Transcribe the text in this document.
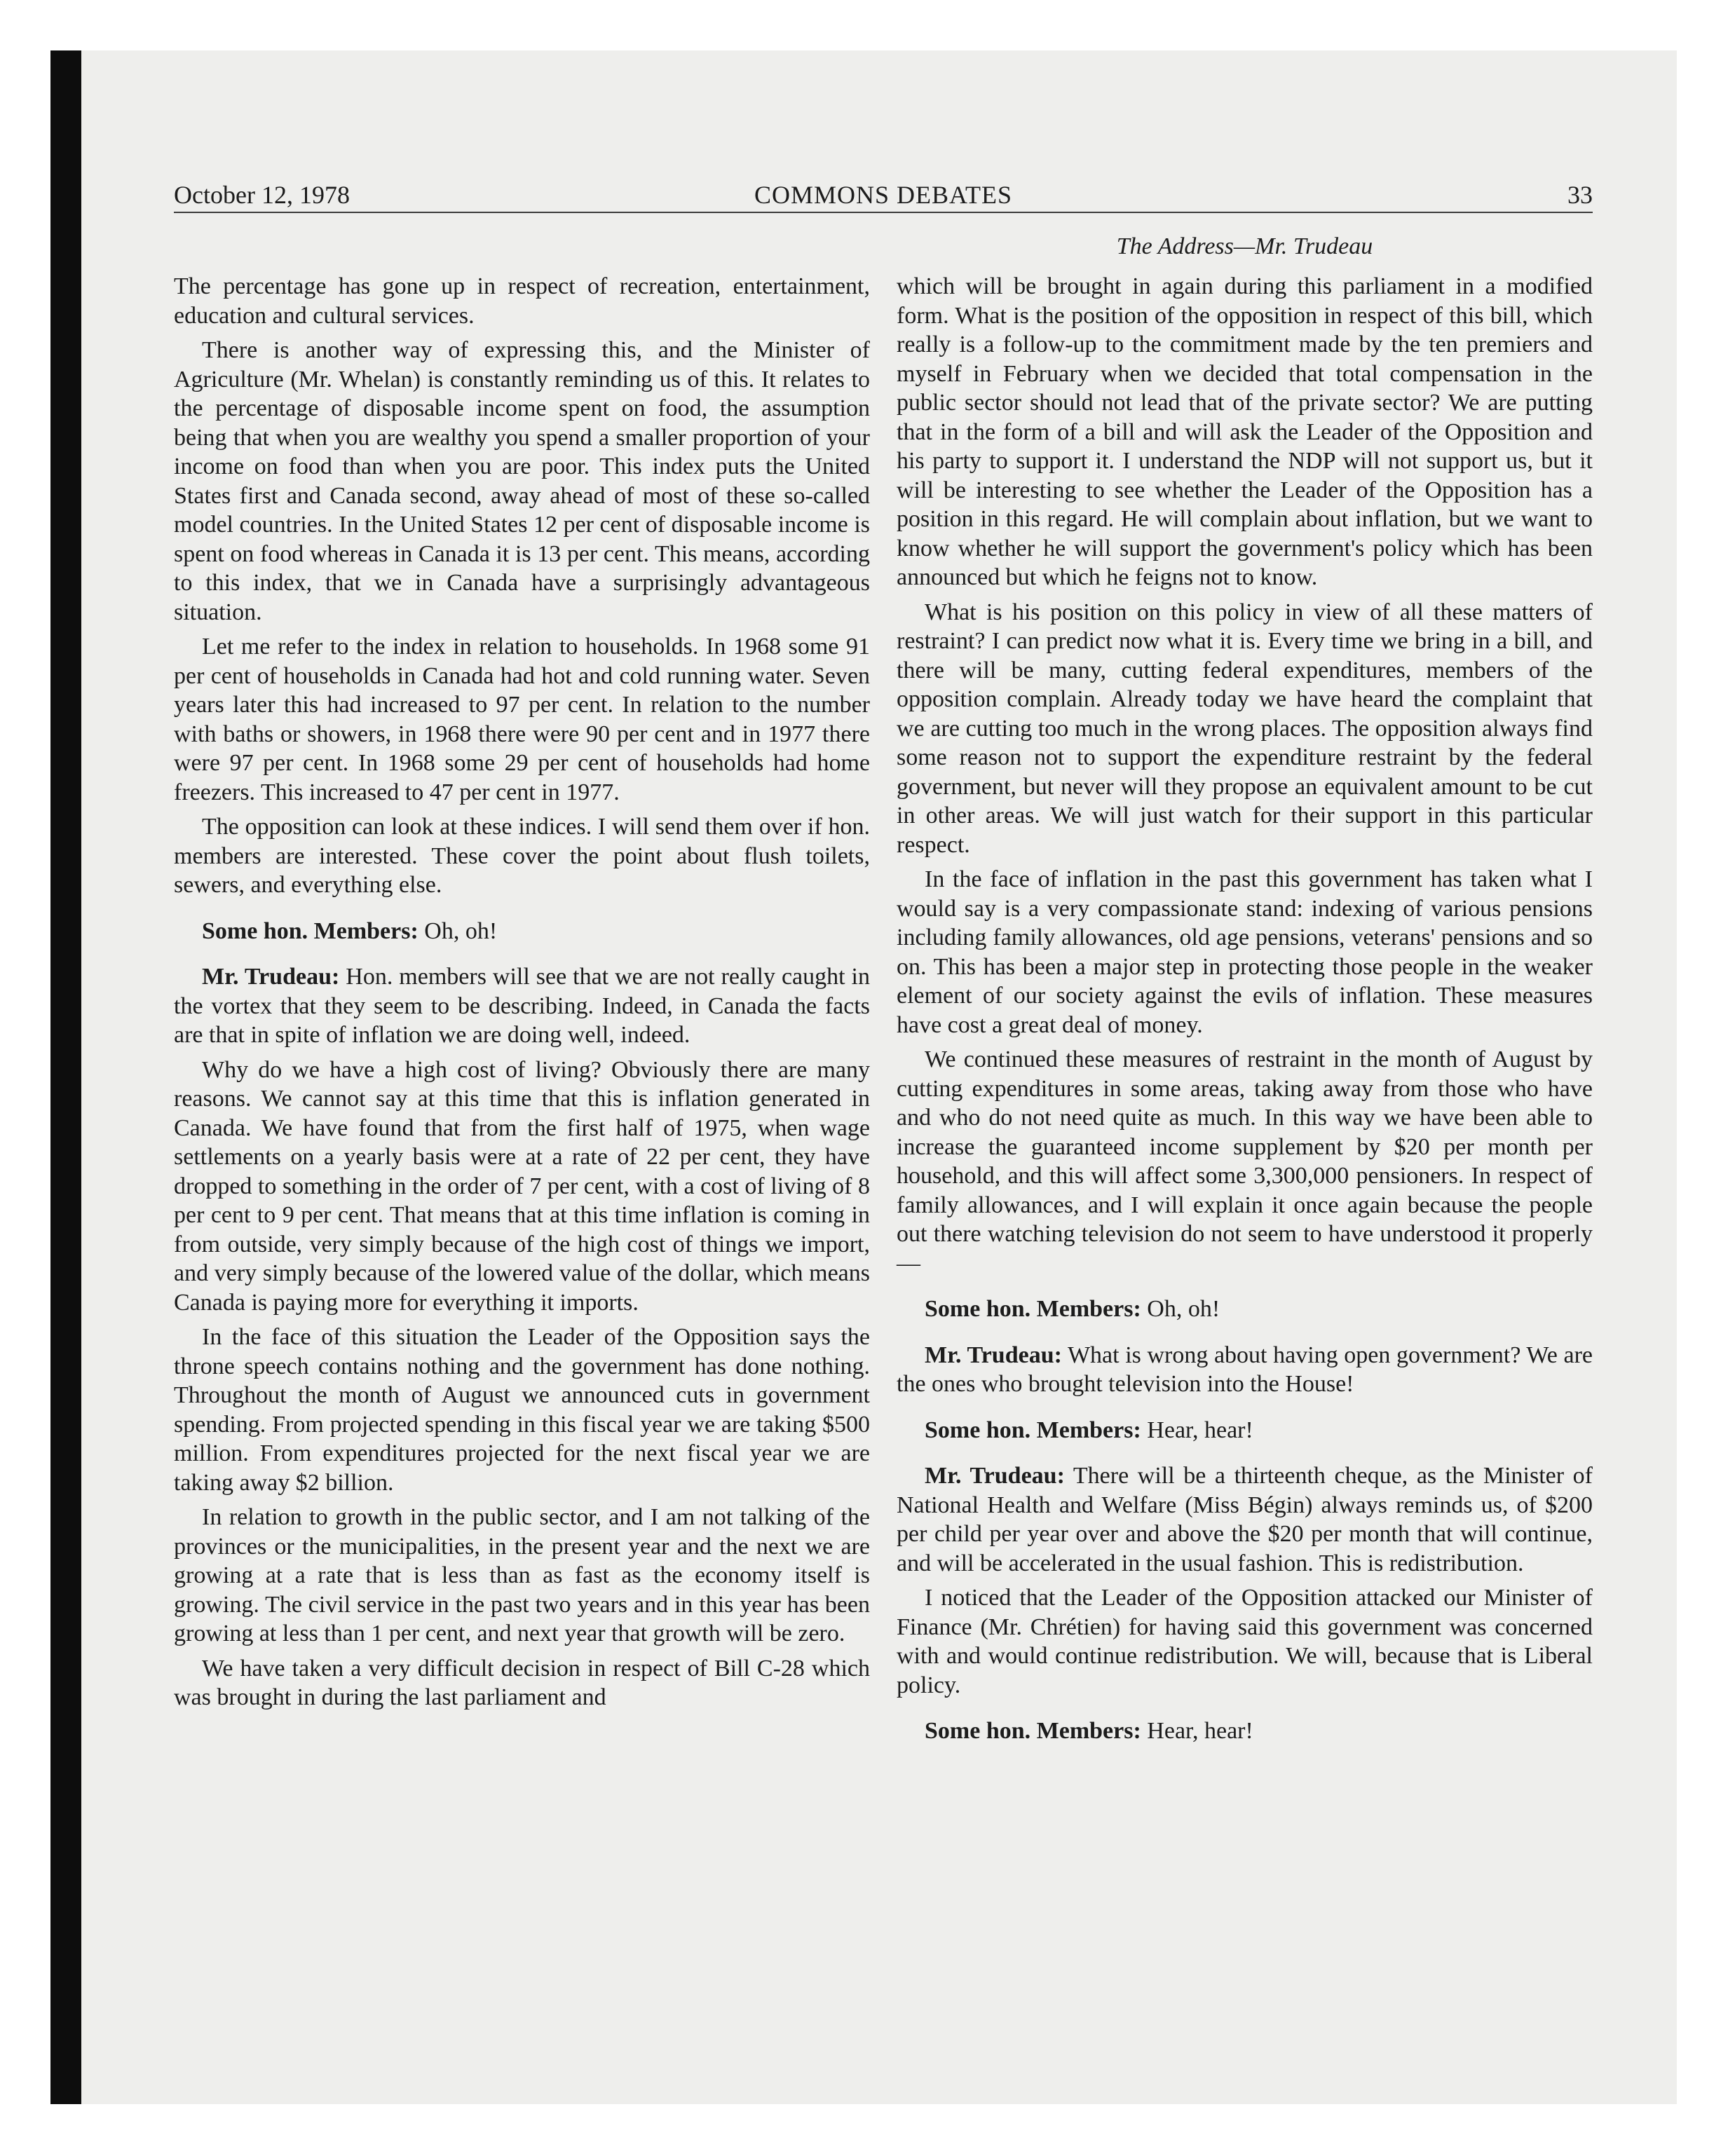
October 12, 1978	COMMONS DEBATES	33
The Address—Mr. Trudeau

The percentage has gone up in respect of recreation, entertainment, education and cultural services.

There is another way of expressing this, and the Minister of Agriculture (Mr. Whelan) is constantly reminding us of this. It relates to the percentage of disposable income spent on food, the assumption being that when you are wealthy you spend a smaller proportion of your income on food than when you are poor. This index puts the United States first and Canada second, away ahead of most of these so-called model countries. In the United States 12 per cent of disposable income is spent on food whereas in Canada it is 13 per cent. This means, according to this index, that we in Canada have a surprisingly advantageous situation.

Let me refer to the index in relation to households. In 1968 some 91 per cent of households in Canada had hot and cold running water. Seven years later this had increased to 97 per cent. In relation to the number with baths or showers, in 1968 there were 90 per cent and in 1977 there were 97 per cent. In 1968 some 29 per cent of households had home freezers. This increased to 47 per cent in 1977.

The opposition can look at these indices. I will send them over if hon. members are interested. These cover the point about flush toilets, sewers, and everything else.

Some hon. Members: Oh, oh!

Mr. Trudeau: Hon. members will see that we are not really caught in the vortex that they seem to be describing. Indeed, in Canada the facts are that in spite of inflation we are doing well, indeed.

Why do we have a high cost of living? Obviously there are many reasons. We cannot say at this time that this is inflation generated in Canada. We have found that from the first half of 1975, when wage settlements on a yearly basis were at a rate of 22 per cent, they have dropped to something in the order of 7 per cent, with a cost of living of 8 per cent to 9 per cent. That means that at this time inflation is coming in from outside, very simply because of the high cost of things we import, and very simply because of the lowered value of the dollar, which means Canada is paying more for everything it imports.

In the face of this situation the Leader of the Opposition says the throne speech contains nothing and the government has done nothing. Throughout the month of August we announced cuts in government spending. From projected spending in this fiscal year we are taking $500 million. From expenditures projected for the next fiscal year we are taking away $2 billion.

In relation to growth in the public sector, and I am not talking of the provinces or the municipalities, in the present year and the next we are growing at a rate that is less than as fast as the economy itself is growing. The civil service in the past two years and in this year has been growing at less than 1 per cent, and next year that growth will be zero.

We have taken a very difficult decision in respect of Bill C-28 which was brought in during the last parliament and

which will be brought in again during this parliament in a modified form. What is the position of the opposition in respect of this bill, which really is a follow-up to the commitment made by the ten premiers and myself in February when we decided that total compensation in the public sector should not lead that of the private sector? We are putting that in the form of a bill and will ask the Leader of the Opposition and his party to support it. I understand the NDP will not support us, but it will be interesting to see whether the Leader of the Opposition has a position in this regard. He will complain about inflation, but we want to know whether he will support the government's policy which has been announced but which he feigns not to know.

What is his position on this policy in view of all these matters of restraint? I can predict now what it is. Every time we bring in a bill, and there will be many, cutting federal expenditures, members of the opposition complain. Already today we have heard the complaint that we are cutting too much in the wrong places. The opposition always find some reason not to support the expenditure restraint by the federal government, but never will they propose an equivalent amount to be cut in other areas. We will just watch for their support in this particular respect.

In the face of inflation in the past this government has taken what I would say is a very compassionate stand: indexing of various pensions including family allowances, old age pensions, veterans' pensions and so on. This has been a major step in protecting those people in the weaker element of our society against the evils of inflation. These measures have cost a great deal of money.

We continued these measures of restraint in the month of August by cutting expenditures in some areas, taking away from those who have and who do not need quite as much. In this way we have been able to increase the guaranteed income supplement by $20 per month per household, and this will affect some 3,300,000 pensioners. In respect of family allowances, and I will explain it once again because the people out there watching television do not seem to have understood it properly—

Some hon. Members: Oh, oh!

Mr. Trudeau: What is wrong about having open government? We are the ones who brought television into the House!

Some hon. Members: Hear, hear!

Mr. Trudeau: There will be a thirteenth cheque, as the Minister of National Health and Welfare (Miss Bégin) always reminds us, of $200 per child per year over and above the $20 per month that will continue, and will be accelerated in the usual fashion. This is redistribution.

I noticed that the Leader of the Opposition attacked our Minister of Finance (Mr. Chrétien) for having said this government was concerned with and would continue redistribution. We will, because that is Liberal policy.

Some hon. Members: Hear, hear!
